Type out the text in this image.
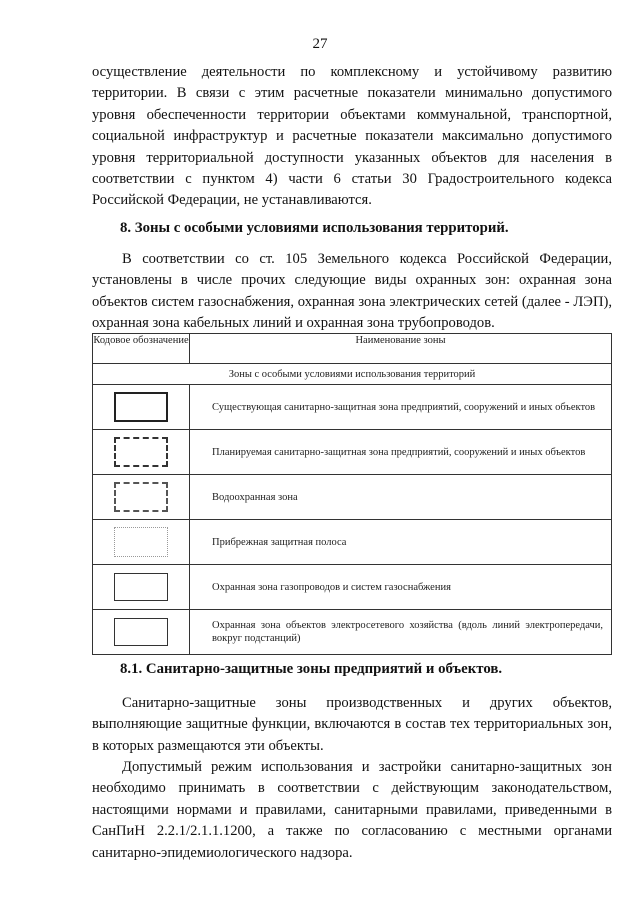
27

осуществление деятельности по комплексному и устойчивому развитию территории. В связи с этим расчетные показатели минимально допустимого уровня обеспеченности территории объектами коммунальной, транспортной, социальной инфраструктур и расчетные показатели максимально допустимого уровня территориальной доступности указанных объектов для населения в соответствии с пунктом 4) части 6 статьи 30 Градостроительного кодекса Российской Федерации, не устанавливаются.

8. Зоны с особыми условиями использования территорий.

В соответствии со ст. 105 Земельного кодекса Российской Федерации, установлены в числе прочих следующие виды охранных зон: охранная зона объектов систем газоснабжения, охранная зона электрических сетей (далее - ЛЭП), охранная зона кабельных линий и охранная зона трубопроводов.

Кодовое обозначение	Наименование зоны
Зоны с особыми условиями использования территорий	
	Существующая санитарно-защитная зона предприятий, сооружений и иных объектов
	Планируемая санитарно-защитная зона предприятий, сооружений и иных объектов
	Водоохранная зона
	Прибрежная защитная полоса
	Охранная зона газопроводов и систем газоснабжения
	Охранная зона объектов электросетевого хозяйства (вдоль линий электропередачи, вокруг подстанций)

8.1. Санитарно-защитные зоны предприятий и объектов.

Санитарно-защитные зоны производственных и других объектов, выполняющие защитные функции, включаются в состав тех территориальных зон, в которых размещаются эти объекты.

Допустимый режим использования и застройки санитарно-защитных зон необходимо принимать в соответствии с действующим законодательством, настоящими нормами и правилами, санитарными правилами, приведенными в СанПиН 2.2.1/2.1.1.1200, а также по согласованию с местными органами санитарно-эпидемиологического надзора.
